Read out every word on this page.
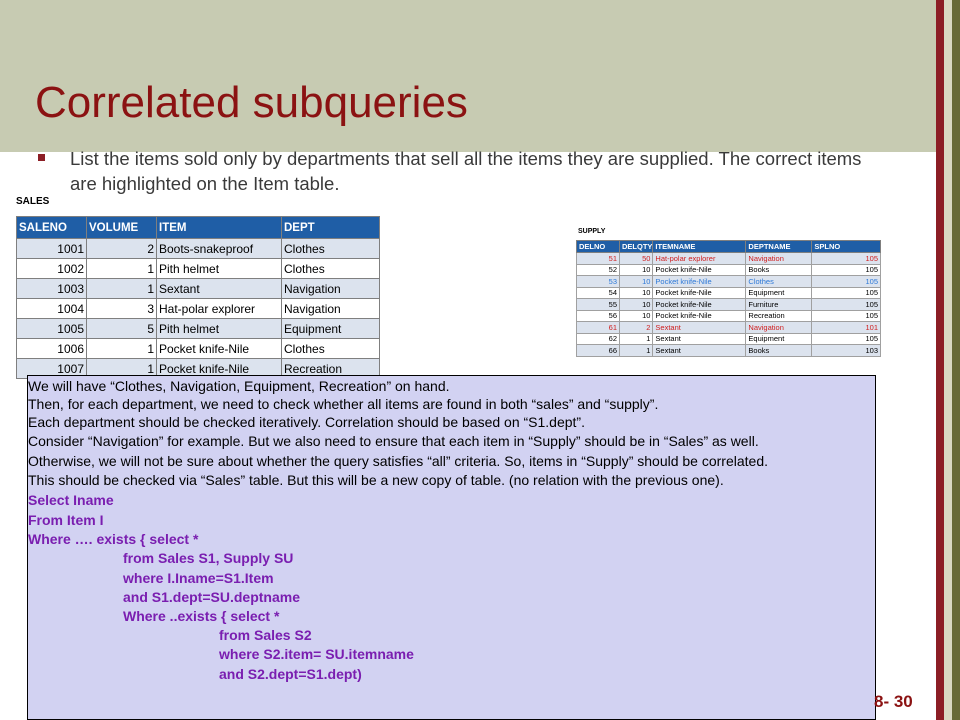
Correlated subqueries
List the items sold only by departments that sell all the items they are supplied. The correct items are highlighted on the Item table.
SALES
SALENO	VOLUME	ITEM	DEPT
1001	2	Boots-snakeproof	Clothes
1002	1	Pith helmet	Clothes
1003	1	Sextant	Navigation
1004	3	Hat-polar explorer	Navigation
1005	5	Pith helmet	Equipment
1006	1	Pocket knife-Nile	Clothes
1007	1	Pocket knife-Nile	Recreation
SUPPLY
DELNO	DELQTY	ITEMNAME	DEPTNAME	SPLNO
51	50	Hat-polar explorer	Navigation	105
52	10	Pocket knife-Nile	Books	105
53	10	Pocket knife-Nile	Clothes	105
54	10	Pocket knife-Nile	Equipment	105
55	10	Pocket knife-Nile	Furniture	105
56	10	Pocket knife-Nile	Recreation	105
61	2	Sextant	Navigation	101
62	1	Sextant	Equipment	105
66	1	Sextant	Books	103
We will have “Clothes, Navigation, Equipment, Recreation” on hand.
Then, for each department, we need to check whether all items are found in both “sales” and “supply”.
Each department should be checked iteratively. Correlation should be based on “S1.dept”.
Consider “Navigation” for example. But we also need to ensure that each item in “Supply” should be in “Sales” as well.
Otherwise, we will not be sure about whether the query satisfies “all” criteria. So, items in “Supply” should be correlated.
This should be checked via “Sales” table. But this will be a new copy of table. (no relation with the previous one).
Select Iname
From Item I
Where …. exists { select *
from Sales S1, Supply SU
where I.Iname=S1.Item
and S1.dept=SU.deptname
Where ..exists { select *
from Sales S2
where S2.item= SU.itemname
and S2.dept=S1.dept)
8- 30
